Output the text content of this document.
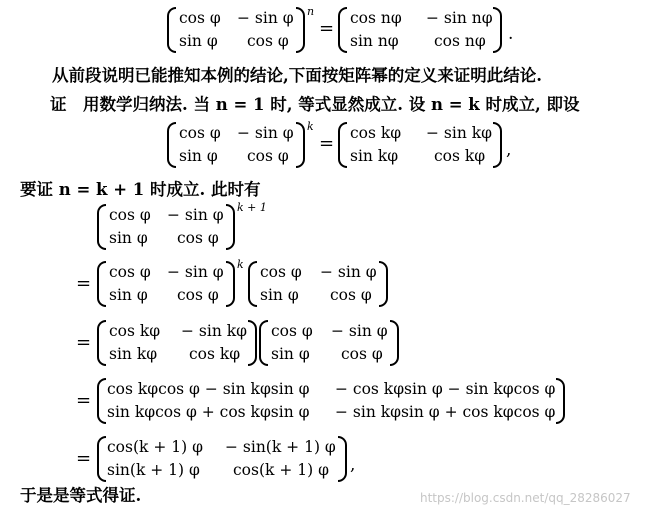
cos φ − sin φ
sin φ cos φ
n
= cos nφ − sin nφ
sin nφ cos nφ .
从前段说明已能推知本例的结论,下面按矩阵幂的定义来证明此结论.
证　用数学归纳法. 当 n = 1 时, 等式显然成立. 设 n = k 时成立, 即设
cos φ − sin φ
sin φ cos φ
k
= cos kφ − sin kφ
sin kφ cos kφ ,
要证 n = k + 1 时成立. 此时有
cos φ − sin φ
sin φ cos φ
k + 1
=
cos φ − sin φ
sin φ cos φ
k cos φ − sin φ
sin φ cos φ
=
cos kφ − sin kφ
sin kφ cos kφ
cos φ − sin φ
sin φ cos φ
=
cos kφcos φ − sin kφsin φ − cos kφsin φ − sin kφcos φ
sin kφcos φ + cos kφsin φ − sin kφsin φ + cos kφcos φ
=
cos(k + 1) φ − sin(k + 1) φ
sin(k + 1) φ cos(k + 1) φ ,
于是是等式得证.	https://blog.csdn.net/qq_28286027
